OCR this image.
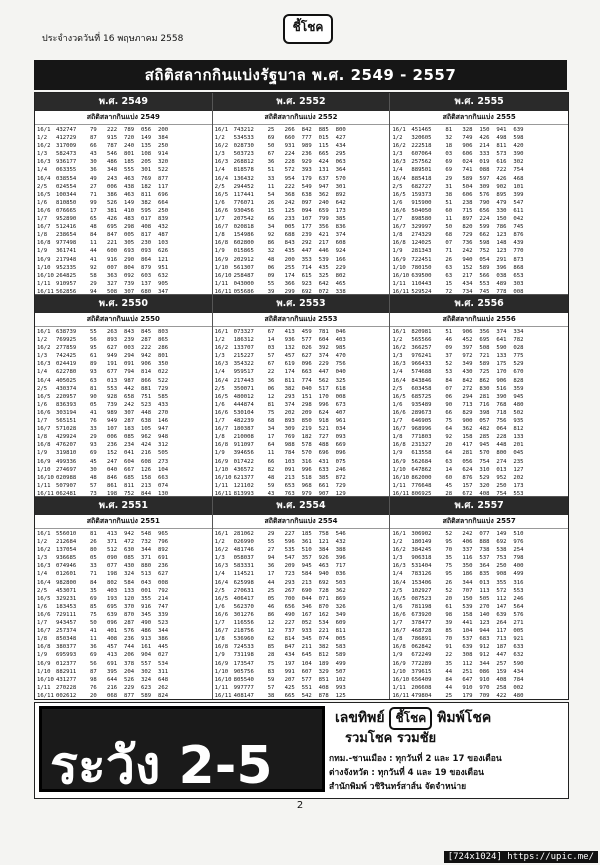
ประจำงวดวันที่ 16 พฤษภาคม 2558
ชี้โชค
สถิติสลากกินแบ่งรัฐบาล พ.ศ. 2549 - 2557
พ.ศ. 2549
สถิติสลากกินแบ่ง 2549
16/1 432747	79	222	789	056	200
1/2	412729	87	915	720	149	384
16/2 317009	66	787	240	135	250
1/3	582473	43	546	801	108	914
16/3 936177	30	486	185	205	320
1/4	063355	36	348	555	301	522
16/4 038554	49	243	463	769	877
2/5	024554	27	006	438	182	117
16/5 100344	71	386	463	811	696
1/6	810850	99	526	149	382	664
16/6 076665	17	381	410	595	250
1/7	952890	65	426	483	017	839
16/7 512416	48	695	298	408	432
1/8	238654	84	847	005	817	487
16/8 977498	11	221	305	230	103
1/9	361741	44	600	693	093	626
16/9 217948	41	916	290	864	121
1/10 952335	92	007	804	879	951
16/10 264825	58	363	092	603	632
1/11 910957	29	327	739	137	905
16/11 562856	94	508	307	680	347
พ.ศ. 2552
สถิติสลากกินแบ่ง 2552
16/1 743212	25	266	842	885	800
1/2	534533	69	660	777	015	427
16/2 028730	50	931	989	115	434
1/3	503723	67	224	236	665	295
16/3 268812	36	228	929	424	063
1/4	818578	51	572	393	131	364
16/4 136432	33	954	179	637	570
2/5	294452	11	222	549	947	301
16/5 117441	54	368	638	362	892
1/6	776071	26	242	097	240	642
16/6 930456	15	125	094	659	173
1/7	207542	66	233	107	799	385
16/7 020818	34	005	177	356	836
1/8	154986	92	688	239	421	374
16/8 602800	86	843	292	217	608
1/9	015865	32	435	447	446	924
16/9 202912	48	200	353	539	166
1/10 561307	06	255	714	435	229
16/10 258487	09	174	615	325	802
1/11 043000	55	366	923	642	465
16/11 055686	39	299	692	072	338
พ.ศ. 2555
สถิติสลากกินแบ่ง 2555
16/1 451465	81	328	150	941	639
1/2	320605	32	749	426	498	598
16/2 222518	18	906	214	811	420
1/3	607064	03	606	333	573	390
16/3 257562	69	024	019	616	302
1/4	889501	69	741	088	722	754
16/4 885418	29	589	597	426	468
2/5	682727	31	504	309	902	101
16/5 159373	38	606	576	895	399
1/6	915900	51	238	790	479	547
16/6 504050	60	715	656	330	611
1/7	898580	11	897	224	150	042
16/7 329997	50	820	599	786	745
1/8	274329	68	729	662	123	876
16/8 124025	07	736	598	148	439
1/9	281343	71	242	752	123	770
16/9 722451	26	940	054	291	873
1/10 780150	63	152	589	396	868
16/10 639500	63	217	566	038	653
1/11 110443	15	434	553	489	303
16/11 529524	72	734	745	778	008
พ.ศ. 2550
สถิติสลากกินแบ่ง 2550
16/1 638739	55	263	843	845	803
1/2	769925	56	893	239	287	865
16/2 277859	95	627	003	222	286
1/3	742425	61	949	294	942	801
16/3 024419	89	191	091	906	350
1/4	622780	93	677	794	814	022
16/4 405025	63	013	987	866	522
2/5	430374	81	553	442	881	729
16/5 220957	90	928	658	751	585
1/6	836393	05	739	242	523	433
16/6 303194	41	989	307	448	270
1/7	565151	76	949	287	638	146
16/7 571028	33	107	183	105	947
1/8	429924	29	006	085	962	948
16/8 476207	93	236	234	424	312
1/9	319810	69	152	041	216	505
16/9 499336	45	247	604	608	273
1/10 274697	30	040	667	126	104
16/10 020988	48	846	685	158	663
1/11 507907	57	861	811	213	074
16/11 062481	73	198	752	844	130
พ.ศ. 2553
สถิติสลากกินแบ่ง 2553
16/1 073327	67	413	459	781	046
1/2	186312	14	936	577	604	403
16/2 133707	03	132	026	392	985
1/3	215227	57	457	627	374	470
16/3 354322	67	619	096	229	756
1/4	959517	22	174	663	447	040
16/4 217443	36	811	774	562	325
2/5	350071	06	382	040	517	618
16/5 480012	12	293	151	170	008
1/6	444874	81	374	298	996	673
16/6 530104	75	202	209	624	407
1/7	482239	68	893	850	918	961
16/7 180387	34	309	219	521	034
1/8	210008	17	769	182	727	093
16/8 911097	64	988	578	488	669
1/9	394656	11	784	570	696	096
16/9 017422	66	103	316	431	075
1/10 436572	82	091	996	633	246
16/10 621377	48	213	518	385	872
1/11 121102	59	653	968	661	729
16/11 813993	43	763	979	907	129
พ.ศ. 2556
สถิติสลากกินแบ่ง 2556
16/1 820981	51	906	356	374	334
1/2	565566	46	452	695	641	782
16/2 366257	09	397	508	590	028
1/3	976241	37	972	721	133	775
16/3 966433	52	349	589	175	529
1/4	574688	53	430	725	170	670
16/4 843846	84	842	862	906	828
2/5	603458	07	272	830	516	359
16/5 685725	06	294	281	390	945
1/6	935489	90	713	716	768	480
16/6 289673	66	829	398	718	502
1/7	646905	75	900	057	756	935
16/7 968996	64	362	482	064	812
1/8	771803	92	158	285	228	133
16/8 231327	20	417	945	448	201
1/9	613558	64	281	570	800	045
16/9 562684	63	056	754	274	235
1/10 647862	14	624	310	013	127
16/10 862000	60	876	529	952	202
1/11 776648	45	157	320	250	173
16/11 806925	28	672	408	754	553
พ.ศ. 2551
สถิติสลากกินแบ่ง 2551
16/1 556010	81	413	942	548	965
1/2	212684	26	371	472	732	796
16/2 137054	80	512	630	344	892
1/3	936685	05	090	085	371	691
16/3 074946	33	077	430	880	236
1/4	012601	71	198	324	513	627
16/4 982800	84	802	584	043	008
2/5	453071	35	403	133	001	792
16/5 329231	69	193	120	355	214
1/6	183453	85	695	370	916	747
16/6 729111	75	639	870	345	339
1/7	943457	50	096	287	490	523
16/7 257374	41	401	576	486	344
1/8	850348	11	408	236	913	386
16/8 380377	36	457	744	161	445
1/9	695993	69	413	206	904	027
16/9 012377	56	691	378	557	534
1/10 882911	87	395	204	302	311
16/10 431277	98	644	526	324	648
1/11 270228	76	216	229	623	262
16/11 002612	20	068	877	589	824
พ.ศ. 2554
สถิติสลากกินแบ่ง 2554
16/1 281062	29	227	185	758	546
1/2	026990	55	596	361	121	432
16/2 481746	27	535	510	384	388
1/3	058037	94	547	357	926	396
16/3 583331	36	209	945	463	717
1/4	114521	17	723	584	940	036
16/4 625998	44	293	213	692	503
2/5	270631	25	267	690	728	362
16/5 406417	05	700	044	071	869
1/6	562370	46	656	346	870	326
16/6 301276	86	490	167	162	349
1/7	116556	12	227	052	534	609
16/7 218756	12	737	933	221	811
1/8	536960	62	814	345	074	005
16/8 724533	85	847	211	382	583
1/9	731198	28	434	645	812	589
16/9 173547	75	197	104	189	499
1/10 905756	83	991	607	329	507
16/10 805540	59	207	577	851	102
1/11 997777	57	425	551	408	993
16/11 408147	38	665	542	878	125
พ.ศ. 2557
สถิติสลากกินแบ่ง 2557
16/1 306902	52	242	077	149	510
1/2	180149	95	406	888	692	976
16/2 384245	70	337	738	538	254
1/3	906318	35	116	537	753	798
16/3 531404	75	350	364	250	400
1/4	783126	95	186	835	908	499
16/4 153406	26	344	013	355	316
2/5	102927	52	707	113	572	553
16/5 087523	20	150	505	112	246
1/6	781198	61	539	270	147	564
16/6 673920	98	158	140	639	576
1/7	378477	39	441	123	264	271
16/7 468728	85	104	944	117	005
1/8	786891	70	537	683	713	921
16/8 062842	91	639	912	187	633
1/9	672249	22	308	912	447	632
16/9 772289	35	112	344	257	590
1/10 379615	44	251	086	159	434
16/10 656409	84	647	910	408	784
1/11 206608	44	910	970	258	002
16/11 479804	25	179	709	422	480
ระวัง 2-5
เลขทิพย์ ชี้โชค พิมพ์โชค
รวมโชค รวมชัย
กทม.-ชานเมือง : ทุกวันที่ 2 และ 17 ของเดือน
ต่างจังหวัด : ทุกวันที่ 4 และ 19 ของเดือน
สำนักพิมพ์ วชิรินทร์สาส์น จัดจำหน่าย
2
[724x1024] https://upic.me/
